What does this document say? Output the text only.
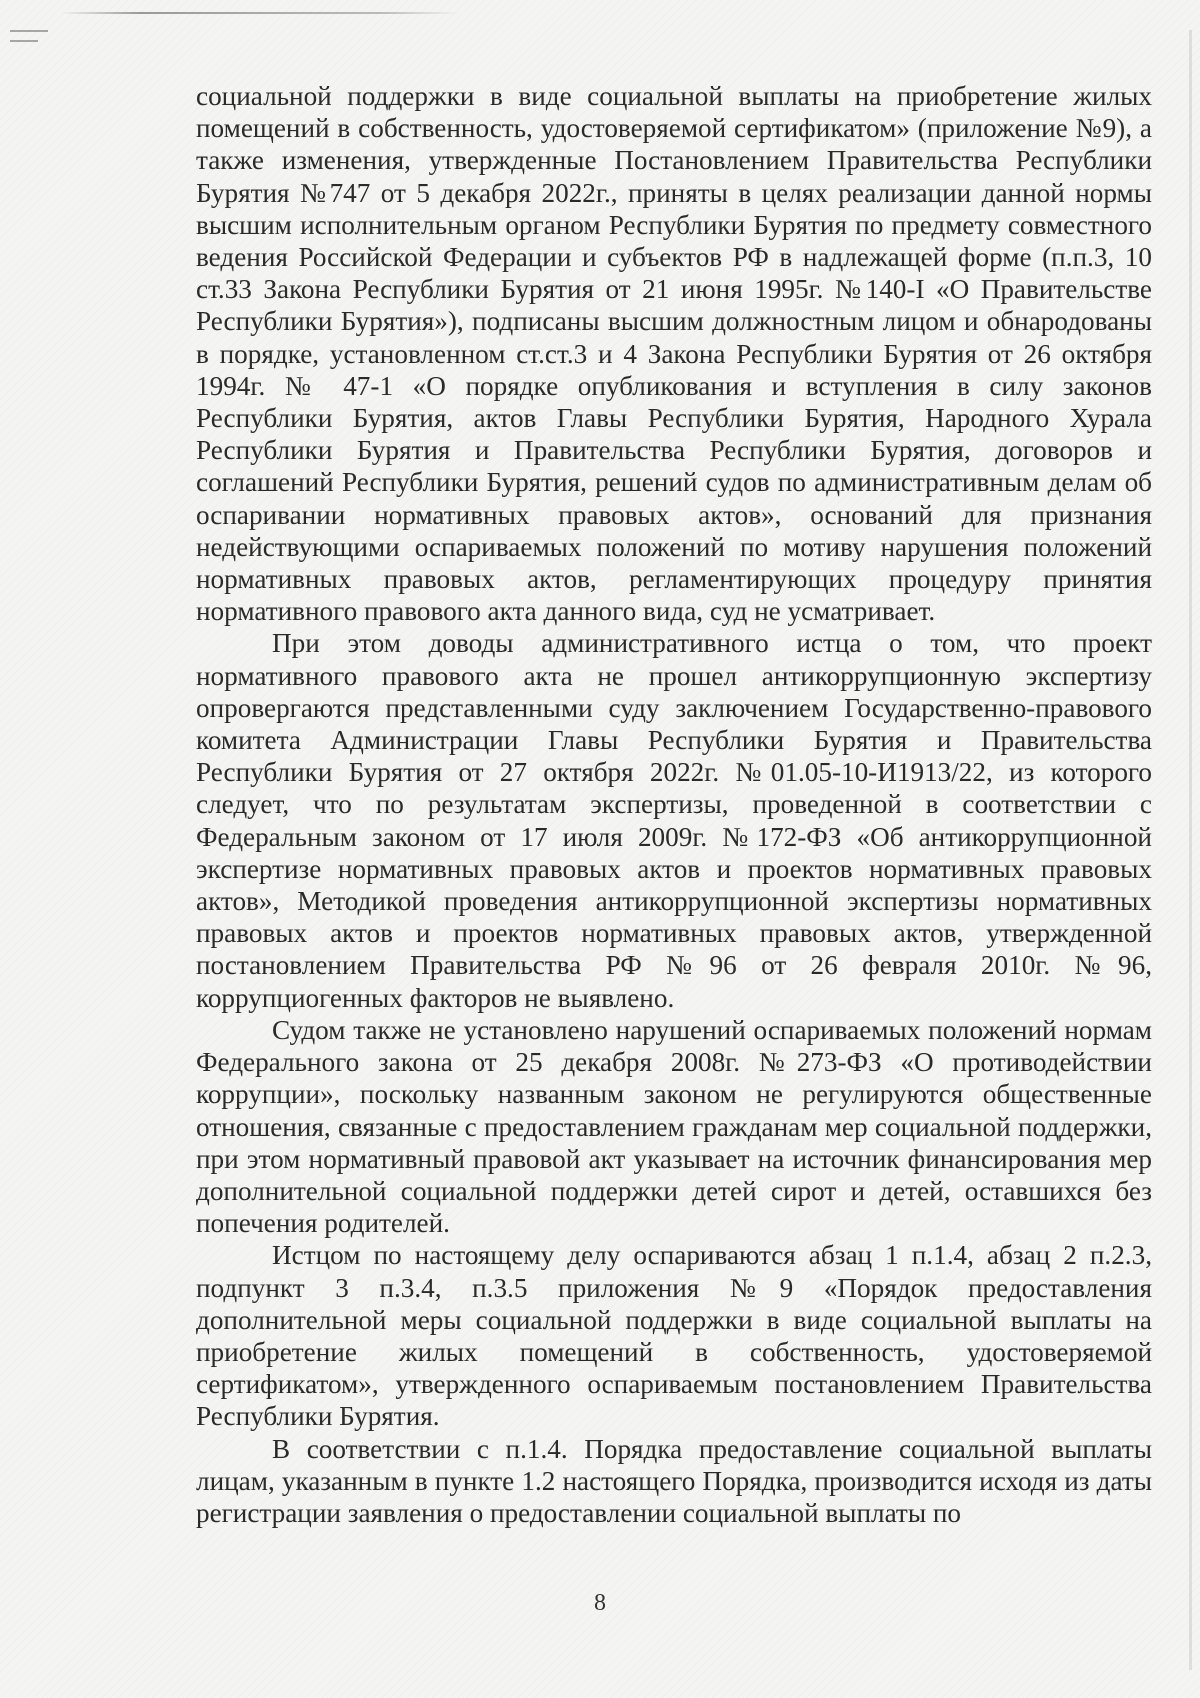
социальной поддержки в виде социальной выплаты на приобретение жилых помещений в собственность, удостоверяемой сертификатом» (приложение №9), а также изменения, утвержденные Постановлением Правительства Республики Бурятия №747 от 5 декабря 2022г., приняты в целях реализации данной нормы высшим исполнительным органом Республики Бурятия по предмету совместного ведения Российской Федерации и субъектов РФ в надлежащей форме (п.п.3, 10 ст.33 Закона Республики Бурятия от 21 июня 1995г. №140-I «О Правительстве Республики Бурятия»), подписаны высшим должностным лицом и обнародованы в порядке, установленном ст.ст.3 и 4 Закона Республики Бурятия от 26 октября 1994г. № 47-1 «О порядке опубликования и вступления в силу законов Республики Бурятия, актов Главы Республики Бурятия, Народного Хурала Республики Бурятия и Правительства Республики Бурятия, договоров и соглашений Республики Бурятия, решений судов по административным делам об оспаривании нормативных правовых актов», оснований для признания недействующими оспариваемых положений по мотиву нарушения положений нормативных правовых актов, регламентирующих процедуру принятия нормативного правового акта данного вида, суд не усматривает.

При этом доводы административного истца о том, что проект нормативного правового акта не прошел антикоррупционную экспертизу опровергаются представленными суду заключением Государственно-правового комитета Администрации Главы Республики Бурятия и Правительства Республики Бурятия от 27 октября 2022г. №01.05-10-И1913/22, из которого следует, что по результатам экспертизы, проведенной в соответствии с Федеральным законом от 17 июля 2009г. №172-ФЗ «Об антикоррупционной экспертизе нормативных правовых актов и проектов нормативных правовых актов», Методикой проведения антикоррупционной экспертизы нормативных правовых актов и проектов нормативных правовых актов, утвержденной постановлением Правительства РФ №96 от 26 февраля 2010г. №96, коррупциогенных факторов не выявлено.

Судом также не установлено нарушений оспариваемых положений нормам Федерального закона от 25 декабря 2008г. №273-ФЗ «О противодействии коррупции», поскольку названным законом не регулируются общественные отношения, связанные с предоставлением гражданам мер социальной поддержки, при этом нормативный правовой акт указывает на источник финансирования мер дополнительной социальной поддержки детей сирот и детей, оставшихся без попечения родителей.

Истцом по настоящему делу оспариваются абзац 1 п.1.4, абзац 2 п.2.3, подпункт 3 п.3.4, п.3.5 приложения №9 «Порядок предоставления дополнительной меры социальной поддержки в виде социальной выплаты на приобретение жилых помещений в собственность, удостоверяемой сертификатом», утвержденного оспариваемым постановлением Правительства Республики Бурятия.

В соответствии с п.1.4. Порядка предоставление социальной выплаты лицам, указанным в пункте 1.2 настоящего Порядка, производится исходя из даты регистрации заявления о предоставлении социальной выплаты по

8
